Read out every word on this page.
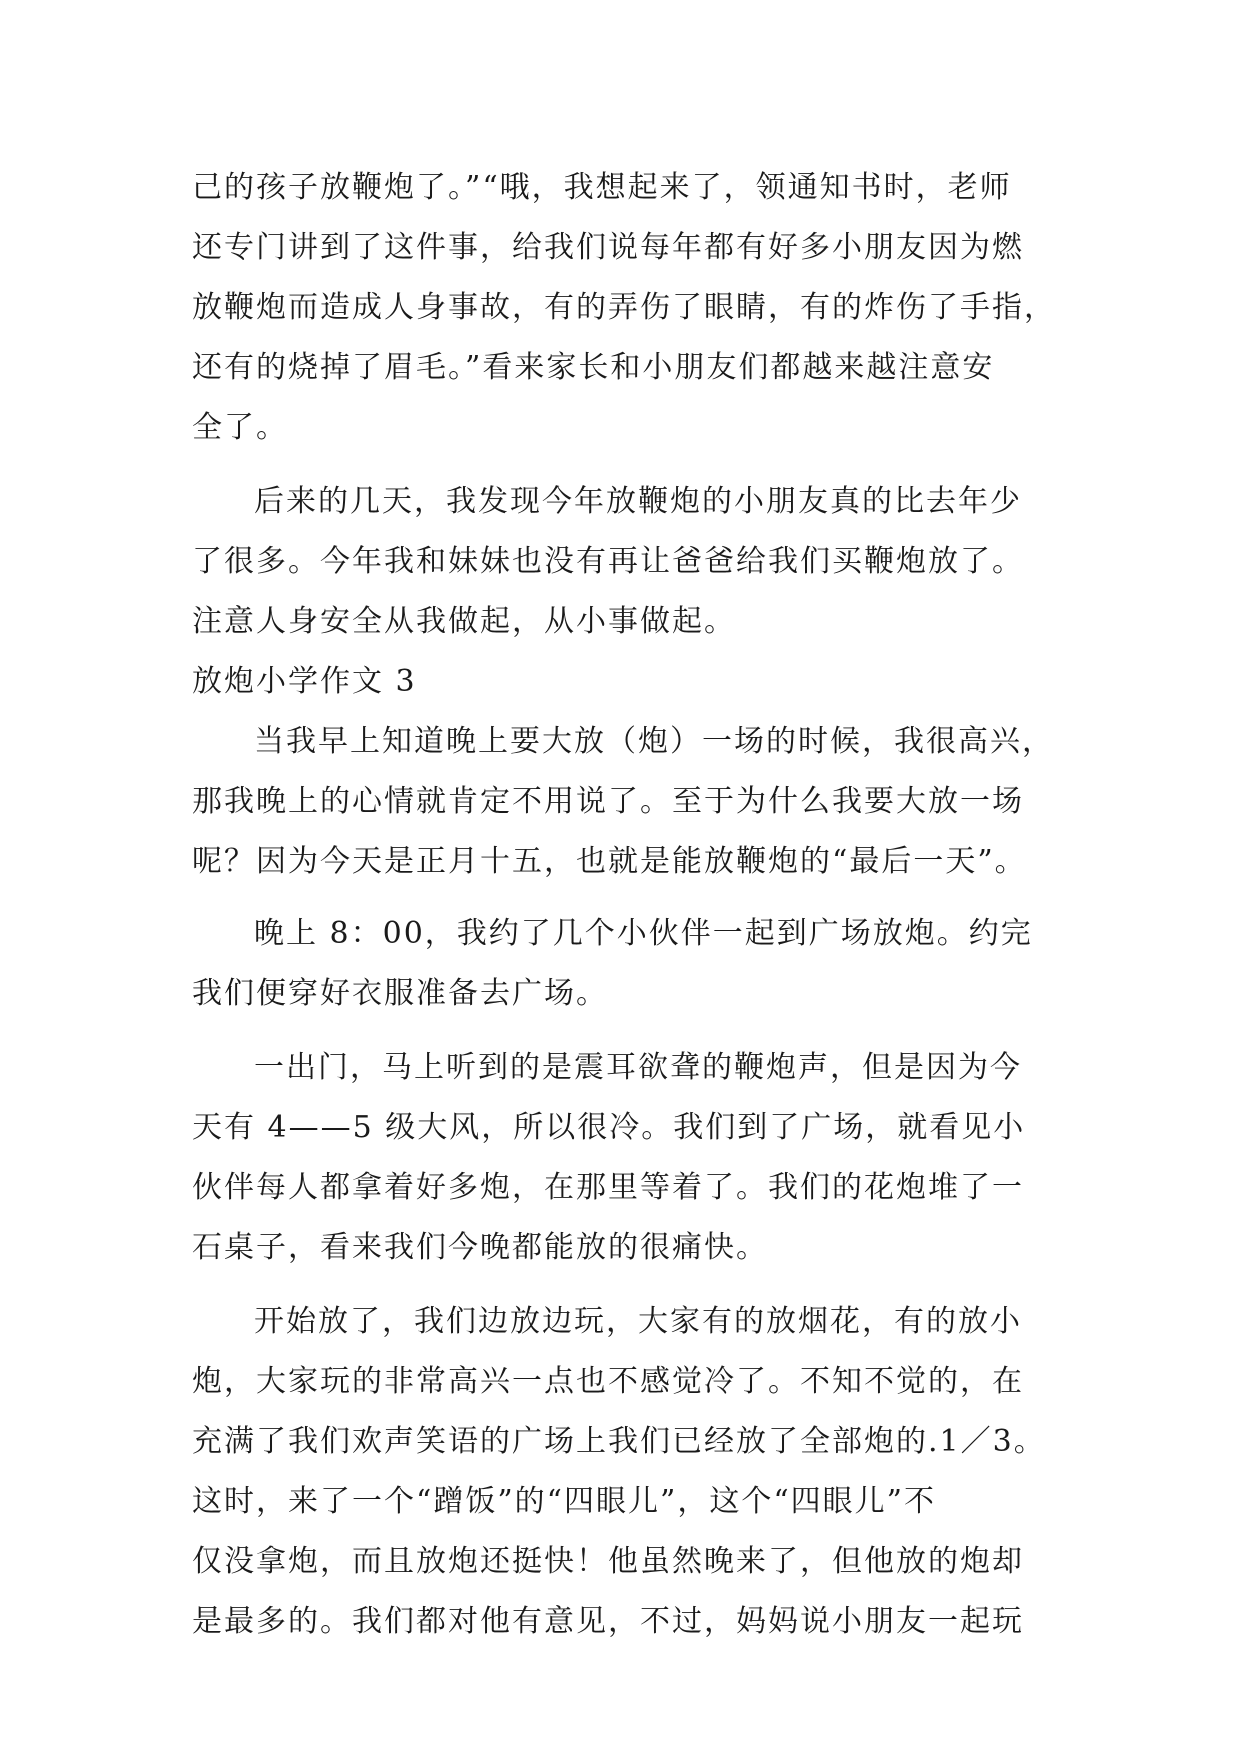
己的孩子放鞭炮了。”“哦，我想起来了，领通知书时，老师
还专门讲到了这件事，给我们说每年都有好多小朋友因为燃
放鞭炮而造成人身事故，有的弄伤了眼睛，有的炸伤了手指，
还有的烧掉了眉毛。”看来家长和小朋友们都越来越注意安
全了。
后来的几天，我发现今年放鞭炮的小朋友真的比去年少
了很多。今年我和妹妹也没有再让爸爸给我们买鞭炮放了。
注意人身安全从我做起，从小事做起。
放炮小学作文 3
当我早上知道晚上要大放（炮）一场的时候，我很高兴，
那我晚上的心情就肯定不用说了。至于为什么我要大放一场
呢？因为今天是正月十五，也就是能放鞭炮的“最后一天”。
晚上 8：00，我约了几个小伙伴一起到广场放炮。约完
我们便穿好衣服准备去广场。
一出门，马上听到的是震耳欲聋的鞭炮声，但是因为今
天有 4——5 级大风，所以很冷。我们到了广场，就看见小
伙伴每人都拿着好多炮，在那里等着了。我们的花炮堆了一
石桌子，看来我们今晚都能放的很痛快。
开始放了，我们边放边玩，大家有的放烟花，有的放小
炮，大家玩的非常高兴一点也不感觉冷了。不知不觉的，在
充满了我们欢声笑语的广场上我们已经放了全部炮的.1／3。
这时，来了一个“蹭饭”的“四眼儿”，这个“四眼儿”不
仅没拿炮，而且放炮还挺快！他虽然晚来了，但他放的炮却
是最多的。我们都对他有意见，不过，妈妈说小朋友一起玩
